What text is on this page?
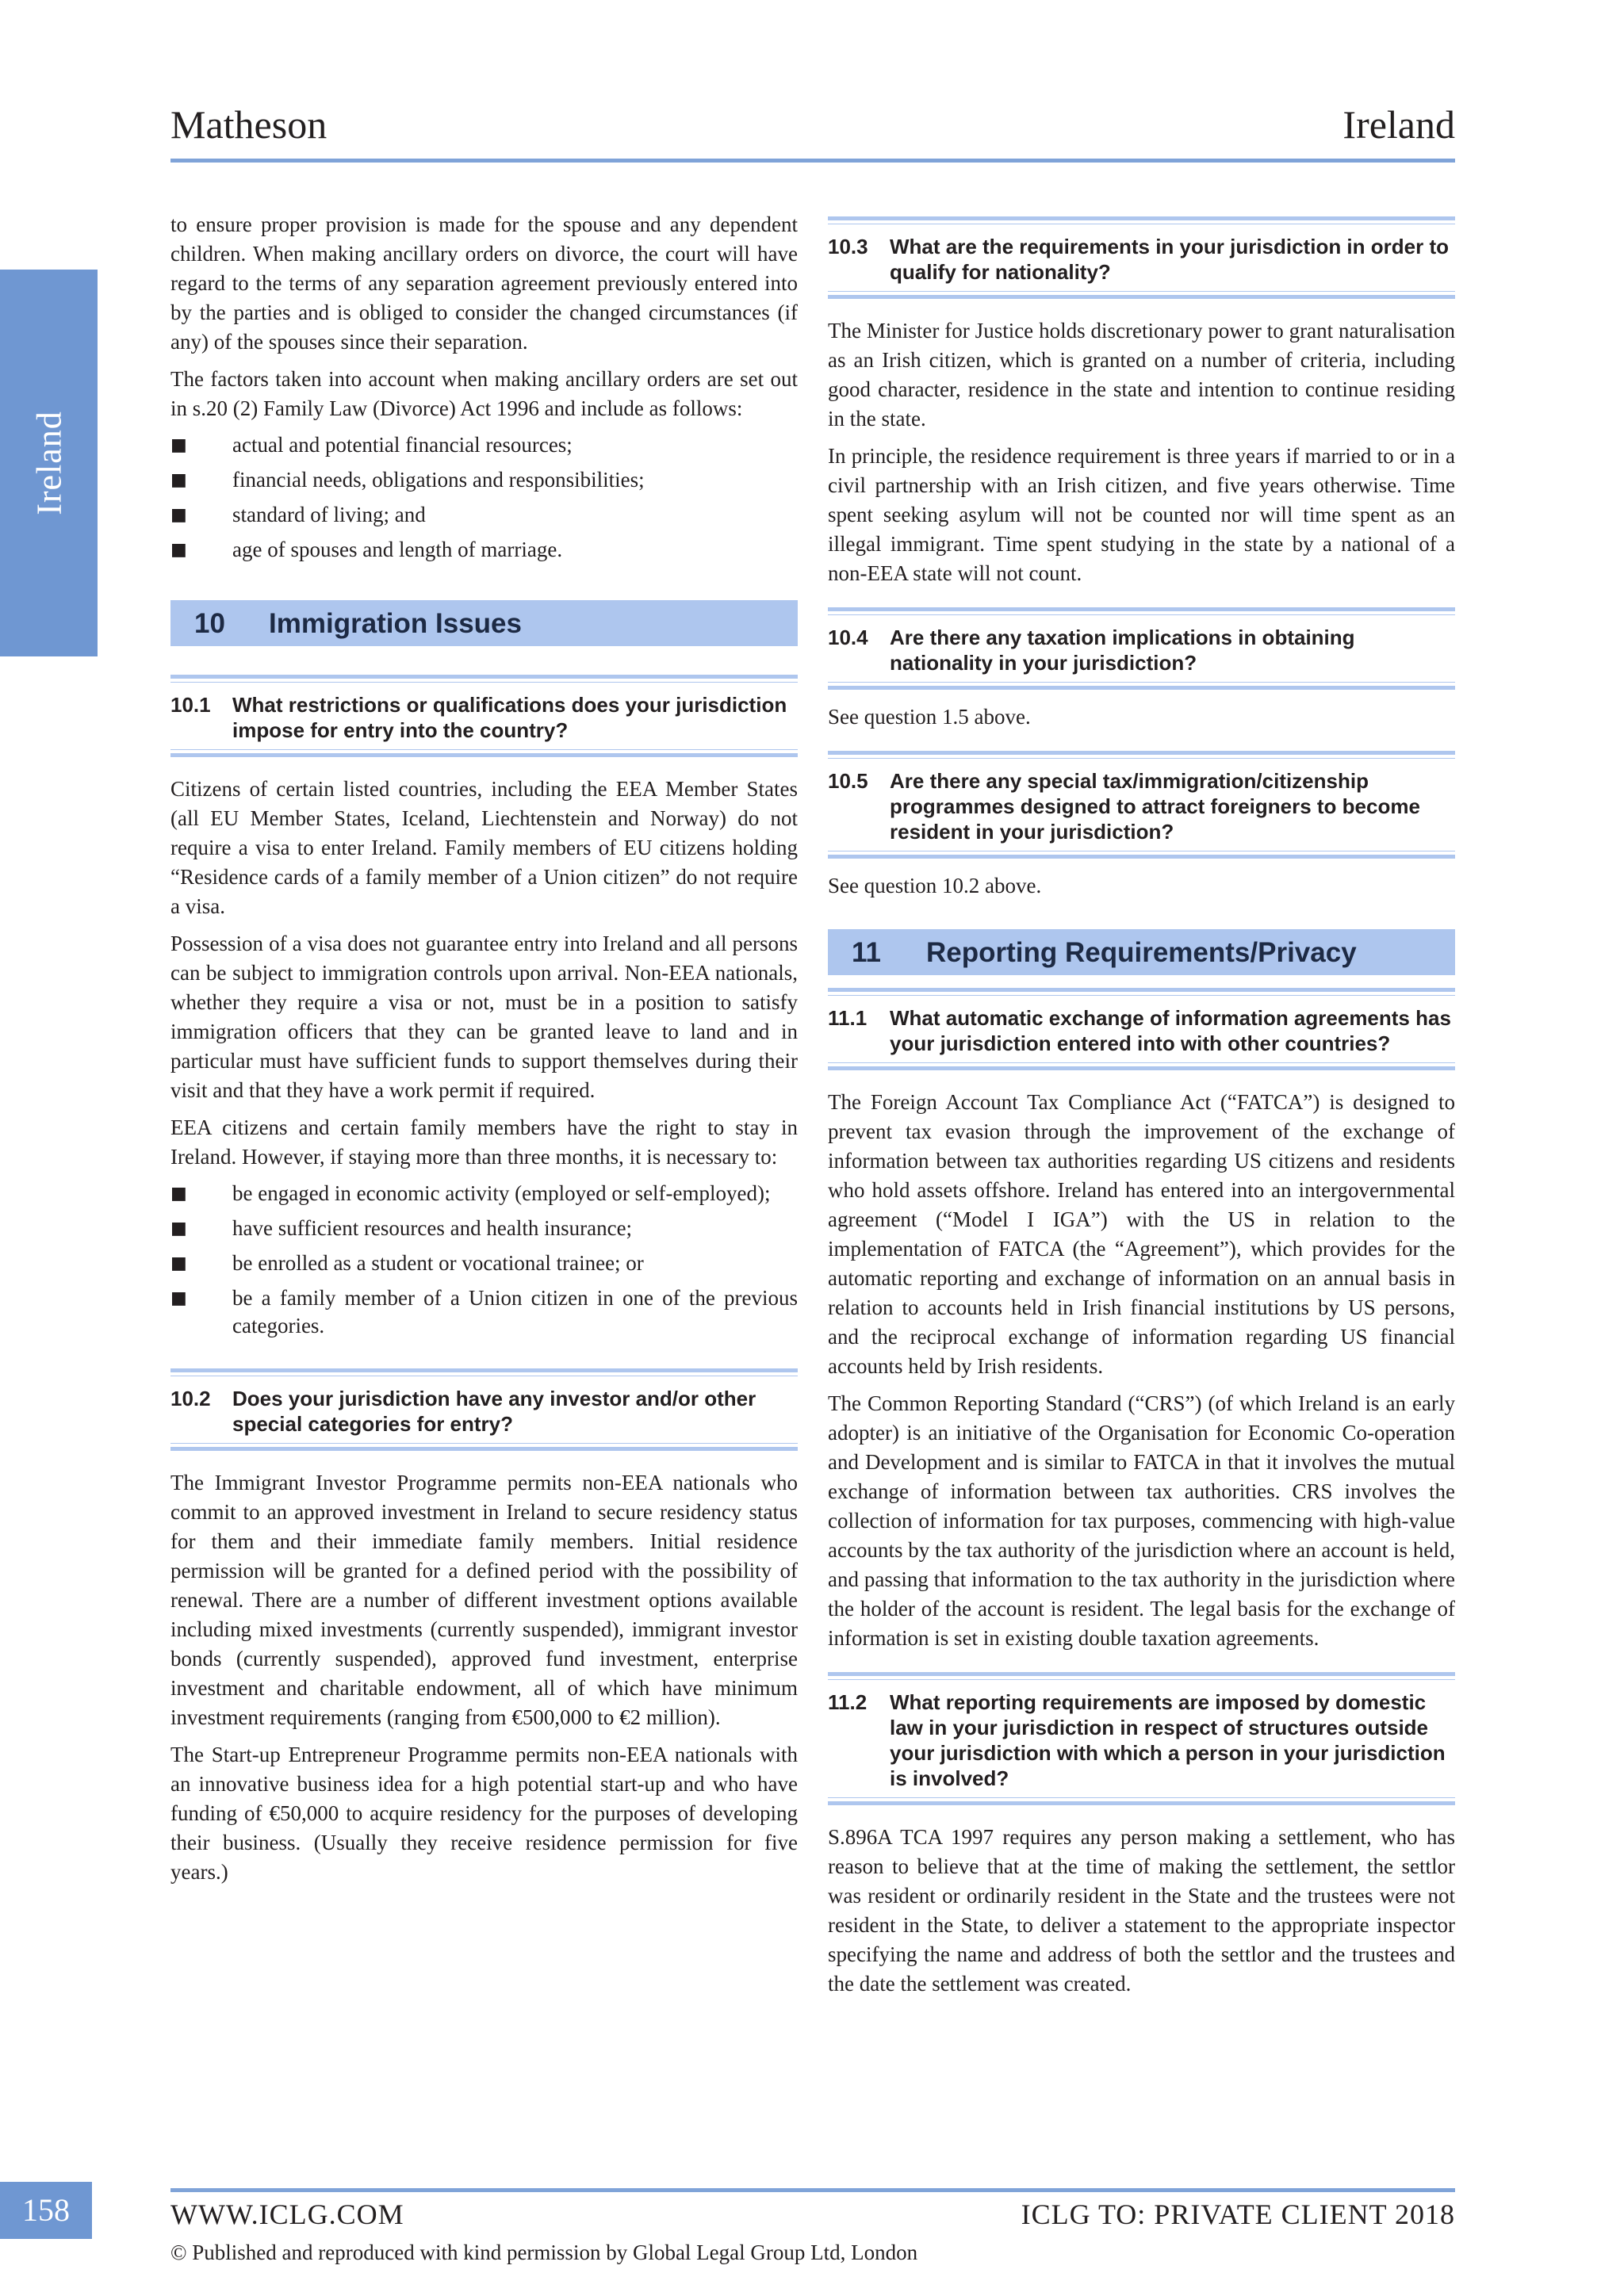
Matheson	Ireland
Ireland

to ensure proper provision is made for the spouse and any dependent children. When making ancillary orders on divorce, the court will have regard to the terms of any separation agreement previously entered into by the parties and is obliged to consider the changed circumstances (if any) of the spouses since their separation.

The factors taken into account when making ancillary orders are set out in s.20 (2) Family Law (Divorce) Act 1996 and include as follows:

■ actual and potential financial resources;
■ financial needs, obligations and responsibilities;
■ standard of living; and
■ age of spouses and length of marriage.
10 Immigration Issues
10.1 What restrictions or qualifications does your jurisdiction impose for entry into the country?

Citizens of certain listed countries, including the EEA Member States (all EU Member States, Iceland, Liechtenstein and Norway) do not require a visa to enter Ireland. Family members of EU citizens holding “Residence cards of a family member of a Union citizen” do not require a visa.

Possession of a visa does not guarantee entry into Ireland and all persons can be subject to immigration controls upon arrival. Non-EEA nationals, whether they require a visa or not, must be in a position to satisfy immigration officers that they can be granted leave to land and in particular must have sufficient funds to support themselves during their visit and that they have a work permit if required.

EEA citizens and certain family members have the right to stay in Ireland. However, if staying more than three months, it is necessary to:

■ be engaged in economic activity (employed or self-employed);
■ have sufficient resources and health insurance;
■ be enrolled as a student or vocational trainee; or
■ be a family member of a Union citizen in one of the previous categories.
10.2 Does your jurisdiction have any investor and/or other special categories for entry?

The Immigrant Investor Programme permits non-EEA nationals who commit to an approved investment in Ireland to secure residency status for them and their immediate family members. Initial residence permission will be granted for a defined period with the possibility of renewal. There are a number of different investment options available including mixed investments (currently suspended), immigrant investor bonds (currently suspended), approved fund investment, enterprise investment and charitable endowment, all of which have minimum investment requirements (ranging from €500,000 to €2 million).

The Start-up Entrepreneur Programme permits non-EEA nationals with an innovative business idea for a high potential start-up and who have funding of €50,000 to acquire residency for the purposes of developing their business. (Usually they receive residence permission for five years.)

10.3 What are the requirements in your jurisdiction in order to qualify for nationality?

The Minister for Justice holds discretionary power to grant naturalisation as an Irish citizen, which is granted on a number of criteria, including good character, residence in the state and intention to continue residing in the state.

In principle, the residence requirement is three years if married to or in a civil partnership with an Irish citizen, and five years otherwise. Time spent seeking asylum will not be counted nor will time spent as an illegal immigrant. Time spent studying in the state by a national of a non-EEA state will not count.

10.4 Are there any taxation implications in obtaining nationality in your jurisdiction?

See question 1.5 above.

10.5 Are there any special tax/immigration/citizenship programmes designed to attract foreigners to become resident in your jurisdiction?

See question 10.2 above.

11 Reporting Requirements/Privacy
11.1 What automatic exchange of information agreements has your jurisdiction entered into with other countries?

The Foreign Account Tax Compliance Act (“FATCA”) is designed to prevent tax evasion through the improvement of the exchange of information between tax authorities regarding US citizens and residents who hold assets offshore. Ireland has entered into an intergovernmental agreement (“Model I IGA”) with the US in relation to the implementation of FATCA (the “Agreement”), which provides for the automatic reporting and exchange of information on an annual basis in relation to accounts held in Irish financial institutions by US persons, and the reciprocal exchange of information regarding US financial accounts held by Irish residents.

The Common Reporting Standard (“CRS”) (of which Ireland is an early adopter) is an initiative of the Organisation for Economic Co-operation and Development and is similar to FATCA in that it involves the mutual exchange of information between tax authorities. CRS involves the collection of information for tax purposes, commencing with high-value accounts by the tax authority of the jurisdiction where an account is held, and passing that information to the tax authority in the jurisdiction where the holder of the account is resident. The legal basis for the exchange of information is set in existing double taxation agreements.

11.2 What reporting requirements are imposed by domestic law in your jurisdiction in respect of structures outside your jurisdiction with which a person in your jurisdiction is involved?

S.896A TCA 1997 requires any person making a settlement, who has reason to believe that at the time of making the settlement, the settlor was resident or ordinarily resident in the State and the trustees were not resident in the State, to deliver a statement to the appropriate inspector specifying the name and address of both the settlor and the trustees and the date the settlement was created.

158	WWW.ICLG.COM	ICLG TO: PRIVATE CLIENT 2018
© Published and reproduced with kind permission by Global Legal Group Ltd, London
